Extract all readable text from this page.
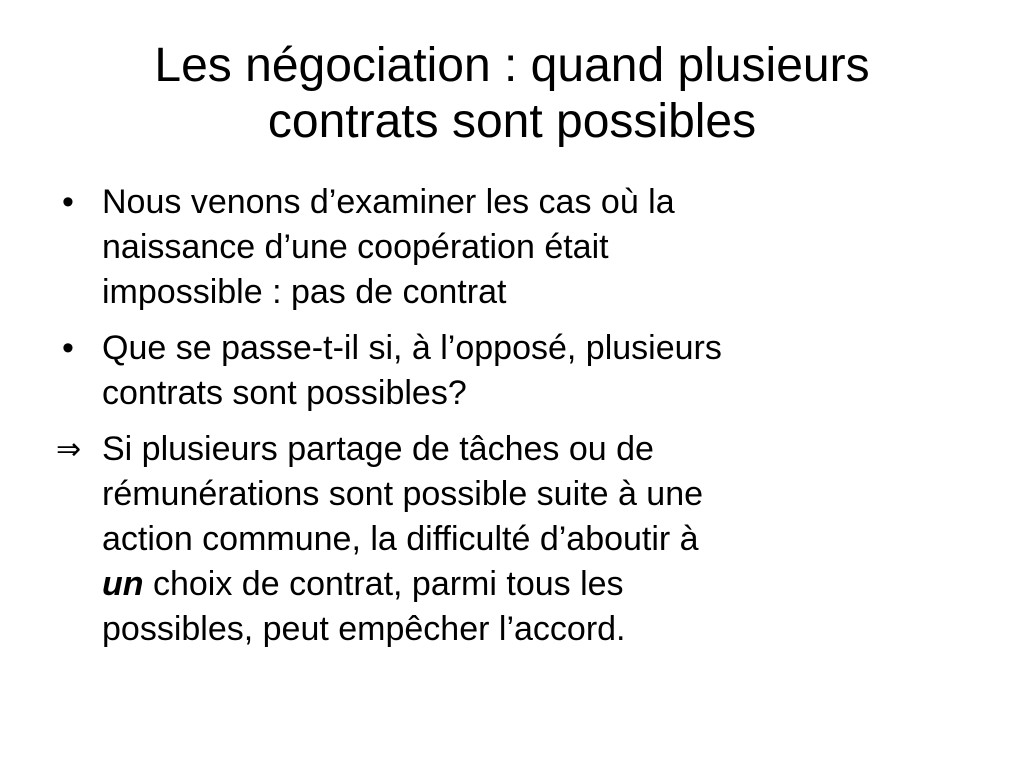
Les négociation : quand plusieurs
contrats sont possibles
• Nous venons d’examiner les cas où la
naissance d’une coopération était
impossible : pas de contrat
• Que se passe-t-il si, à l’opposé, plusieurs
contrats sont possibles?
⇒ Si plusieurs partage de tâches ou de
rémunérations sont possible suite à une
action commune, la difficulté d’aboutir à
un choix de contrat, parmi tous les
possibles, peut empêcher l’accord.
